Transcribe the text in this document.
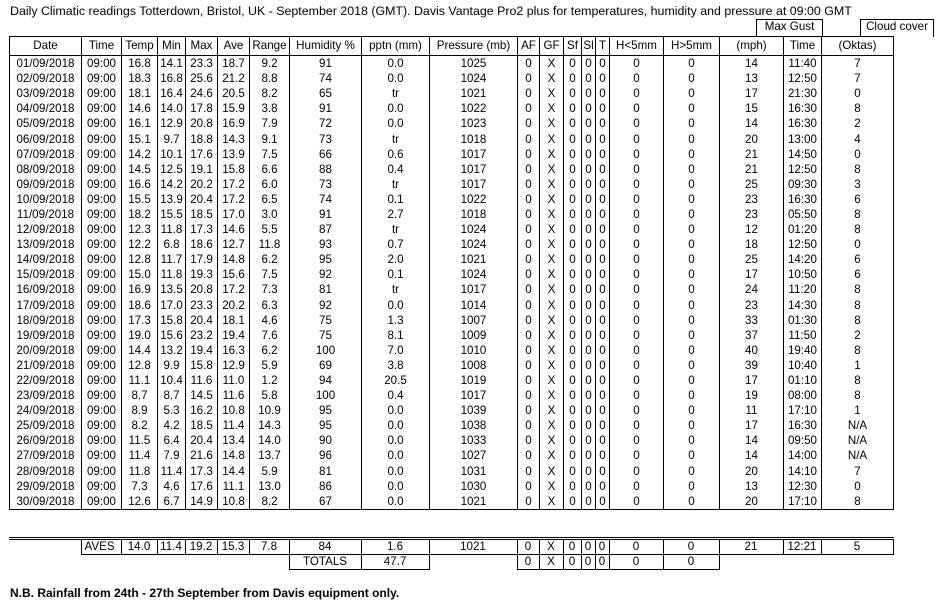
Daily Climatic readings Totterdown, Bristol, UK - September 2018 (GMT). Davis Vantage Pro2 plus for temperatures, humidity and pressure at 09:00 GMT
Max Gust	Cloud cover
Date	Time	Temp	Min	Max	Ave	Range	Humidity %	pptn (mm)	Pressure (mb)	AF	GF	Sf	Sl	T	H<5mm	H>5mm	(mph)	Time	(Oktas)
01/09/2018	09:00	16.8	14.1	23.3	18.7	9.2	91	0.0	1025	0	X	0	0	0	0	0	14	11:40	7
02/09/2018	09:00	18.3	16.8	25.6	21.2	8.8	74	0.0	1024	0	X	0	0	0	0	0	13	12:50	7
03/09/2018	09:00	18.1	16.4	24.6	20.5	8.2	65	tr	1021	0	X	0	0	0	0	0	17	21:30	0
04/09/2018	09:00	14.6	14.0	17.8	15.9	3.8	91	0.0	1022	0	X	0	0	0	0	0	15	16:30	8
05/09/2018	09:00	16.1	12.9	20.8	16.9	7.9	72	0.0	1023	0	X	0	0	0	0	0	14	16:30	2
06/09/2018	09:00	15.1	9.7	18.8	14.3	9.1	73	tr	1018	0	X	0	0	0	0	0	20	13:00	4
07/09/2018	09:00	14.2	10.1	17.6	13.9	7.5	66	0.6	1017	0	X	0	0	0	0	0	21	14:50	0
08/09/2018	09:00	14.5	12.5	19.1	15.8	6.6	88	0.4	1017	0	X	0	0	0	0	0	21	12:50	8
09/09/2018	09:00	16.6	14.2	20.2	17.2	6.0	73	tr	1017	0	X	0	0	0	0	0	25	09:30	3
10/09/2018	09:00	15.5	13.9	20.4	17.2	6.5	74	0.1	1022	0	X	0	0	0	0	0	23	16:30	6
11/09/2018	09:00	18.2	15.5	18.5	17.0	3.0	91	2.7	1018	0	X	0	0	0	0	0	23	05:50	8
12/09/2018	09:00	12.3	11.8	17.3	14.6	5.5	87	tr	1024	0	X	0	0	0	0	0	12	01:20	8
13/09/2018	09:00	12.2	6.8	18.6	12.7	11.8	93	0.7	1024	0	X	0	0	0	0	0	18	12:50	0
14/09/2018	09:00	12.8	11.7	17.9	14.8	6.2	95	2.0	1021	0	X	0	0	0	0	0	25	14:20	6
15/09/2018	09:00	15.0	11.8	19.3	15.6	7.5	92	0.1	1024	0	X	0	0	0	0	0	17	10:50	6
16/09/2018	09:00	16.9	13.5	20.8	17.2	7.3	81	tr	1017	0	X	0	0	0	0	0	24	11:20	8
17/09/2018	09:00	18.6	17.0	23.3	20.2	6.3	92	0.0	1014	0	X	0	0	0	0	0	23	14:30	8
18/09/2018	09:00	17.3	15.8	20.4	18.1	4.6	75	1.3	1007	0	X	0	0	0	0	0	33	01:30	8
19/09/2018	09:00	19.0	15.6	23.2	19.4	7.6	75	8.1	1009	0	X	0	0	0	0	0	37	11:50	2
20/09/2018	09:00	14.4	13.2	19.4	16.3	6.2	100	7.0	1010	0	X	0	0	0	0	0	40	19:40	8
21/09/2018	09:00	12.8	9.9	15.8	12.9	5.9	69	3.8	1008	0	X	0	0	0	0	0	39	10:40	1
22/09/2018	09:00	11.1	10.4	11.6	11.0	1.2	94	20.5	1019	0	X	0	0	0	0	0	17	01:10	8
23/09/2018	09:00	8.7	8.7	14.5	11.6	5.8	100	0.4	1017	0	X	0	0	0	0	0	19	08:00	8
24/09/2018	09:00	8.9	5.3	16.2	10.8	10.9	95	0.0	1039	0	X	0	0	0	0	0	11	17:10	1
25/09/2018	09:00	8.2	4.2	18.5	11.4	14.3	95	0.0	1038	0	X	0	0	0	0	0	17	16:30	N/A
26/09/2018	09:00	11.5	6.4	20.4	13.4	14.0	90	0.0	1033	0	X	0	0	0	0	0	14	09:50	N/A
27/09/2018	09:00	11.4	7.9	21.6	14.8	13.7	96	0.0	1027	0	X	0	0	0	0	0	14	14:00	N/A
28/09/2018	09:00	11.8	11.4	17.3	14.4	5.9	81	0.0	1031	0	X	0	0	0	0	0	20	14:10	7
29/09/2018	09:00	7.3	4.6	17.6	11.1	13.0	86	0.0	1030	0	X	0	0	0	0	0	13	12:30	0
30/09/2018	09:00	12.6	6.7	14.9	10.8	8.2	67	0.0	1021	0	X	0	0	0	0	0	20	17:10	8
	AVES	14.0	11.4	19.2	15.3	7.8	84	1.6	1021	0	X	0	0	0	0	0	21	12:21	5
							TOTALS	47.7		0	X	0	0	0	0	0			
N.B. Rainfall from 24th - 27th September from Davis equipment only.
